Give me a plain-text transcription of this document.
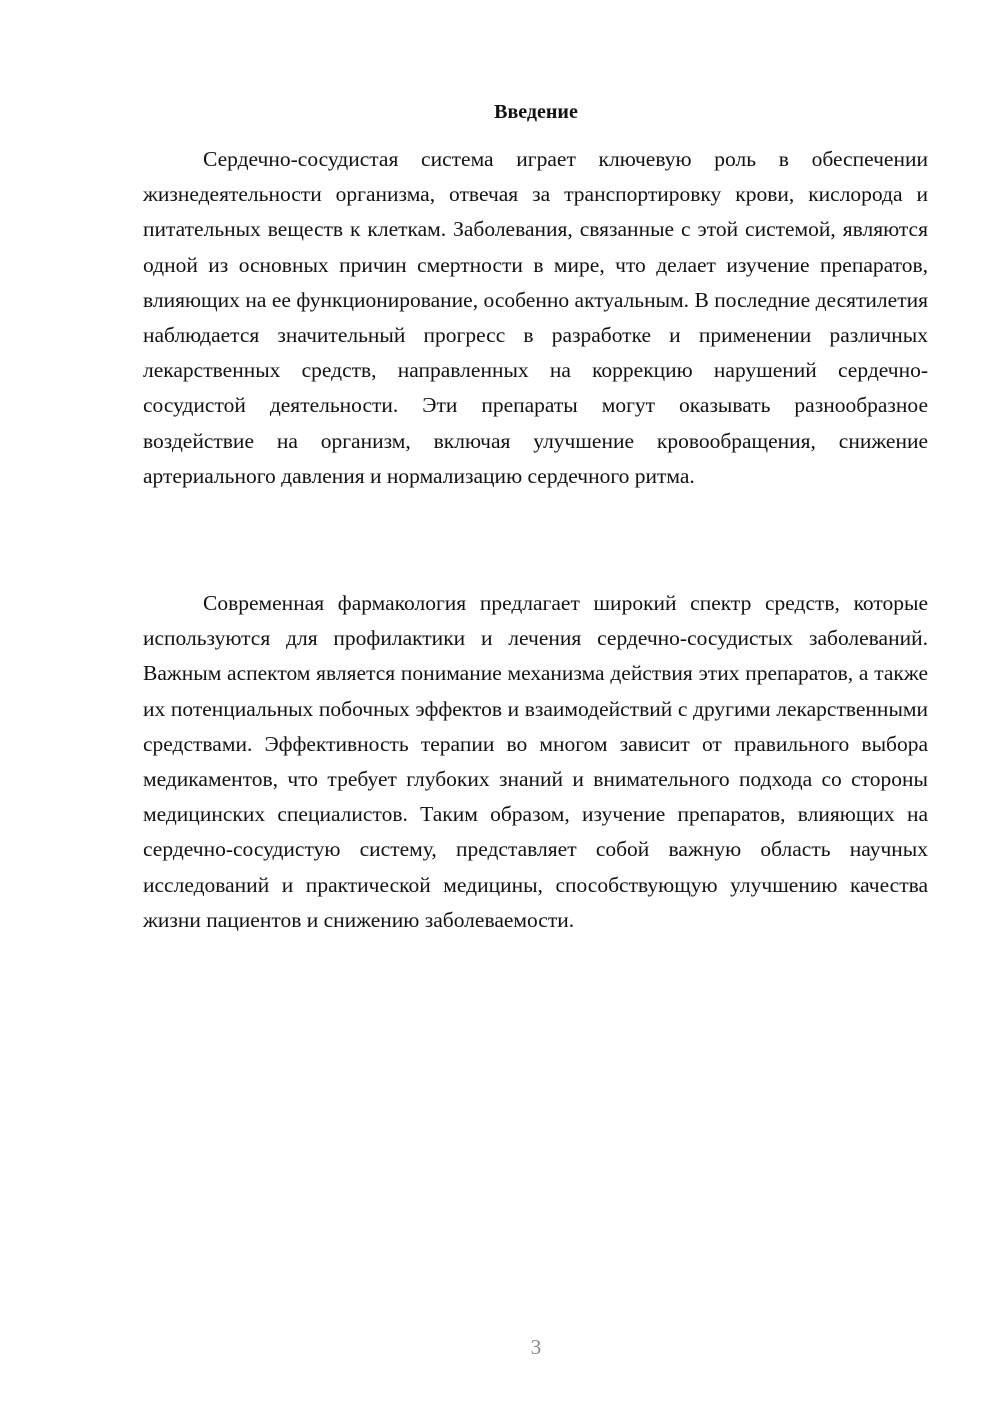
Введение

Сердечно-сосудистая система играет ключевую роль в обеспечении жизнедеятельности организма, отвечая за транспортировку крови, кислорода и питательных веществ к клеткам. Заболевания, связанные с этой системой, являются одной из основных причин смертности в мире, что делает изучение препаратов, влияющих на ее функционирование, особенно актуальным. В последние десятилетия наблюдается значительный прогресс в разработке и применении различных лекарственных средств, направленных на коррекцию нарушений сердечно-сосудистой деятельности. Эти препараты могут оказывать разнообразное воздействие на организм, включая улучшение кровообращения, снижение артериального давления и нормализацию сердечного ритма.

Современная фармакология предлагает широкий спектр средств, которые используются для профилактики и лечения сердечно-сосудистых заболеваний. Важным аспектом является понимание механизма действия этих препаратов, а также их потенциальных побочных эффектов и взаимодействий с другими лекарственными средствами. Эффективность терапии во многом зависит от правильного выбора медикаментов, что требует глубоких знаний и внимательного подхода со стороны медицинских специалистов. Таким образом, изучение препаратов, влияющих на сердечно-сосудистую систему, представляет собой важную область научных исследований и практической медицины, способствующую улучшению качества жизни пациентов и снижению заболеваемости.

3
